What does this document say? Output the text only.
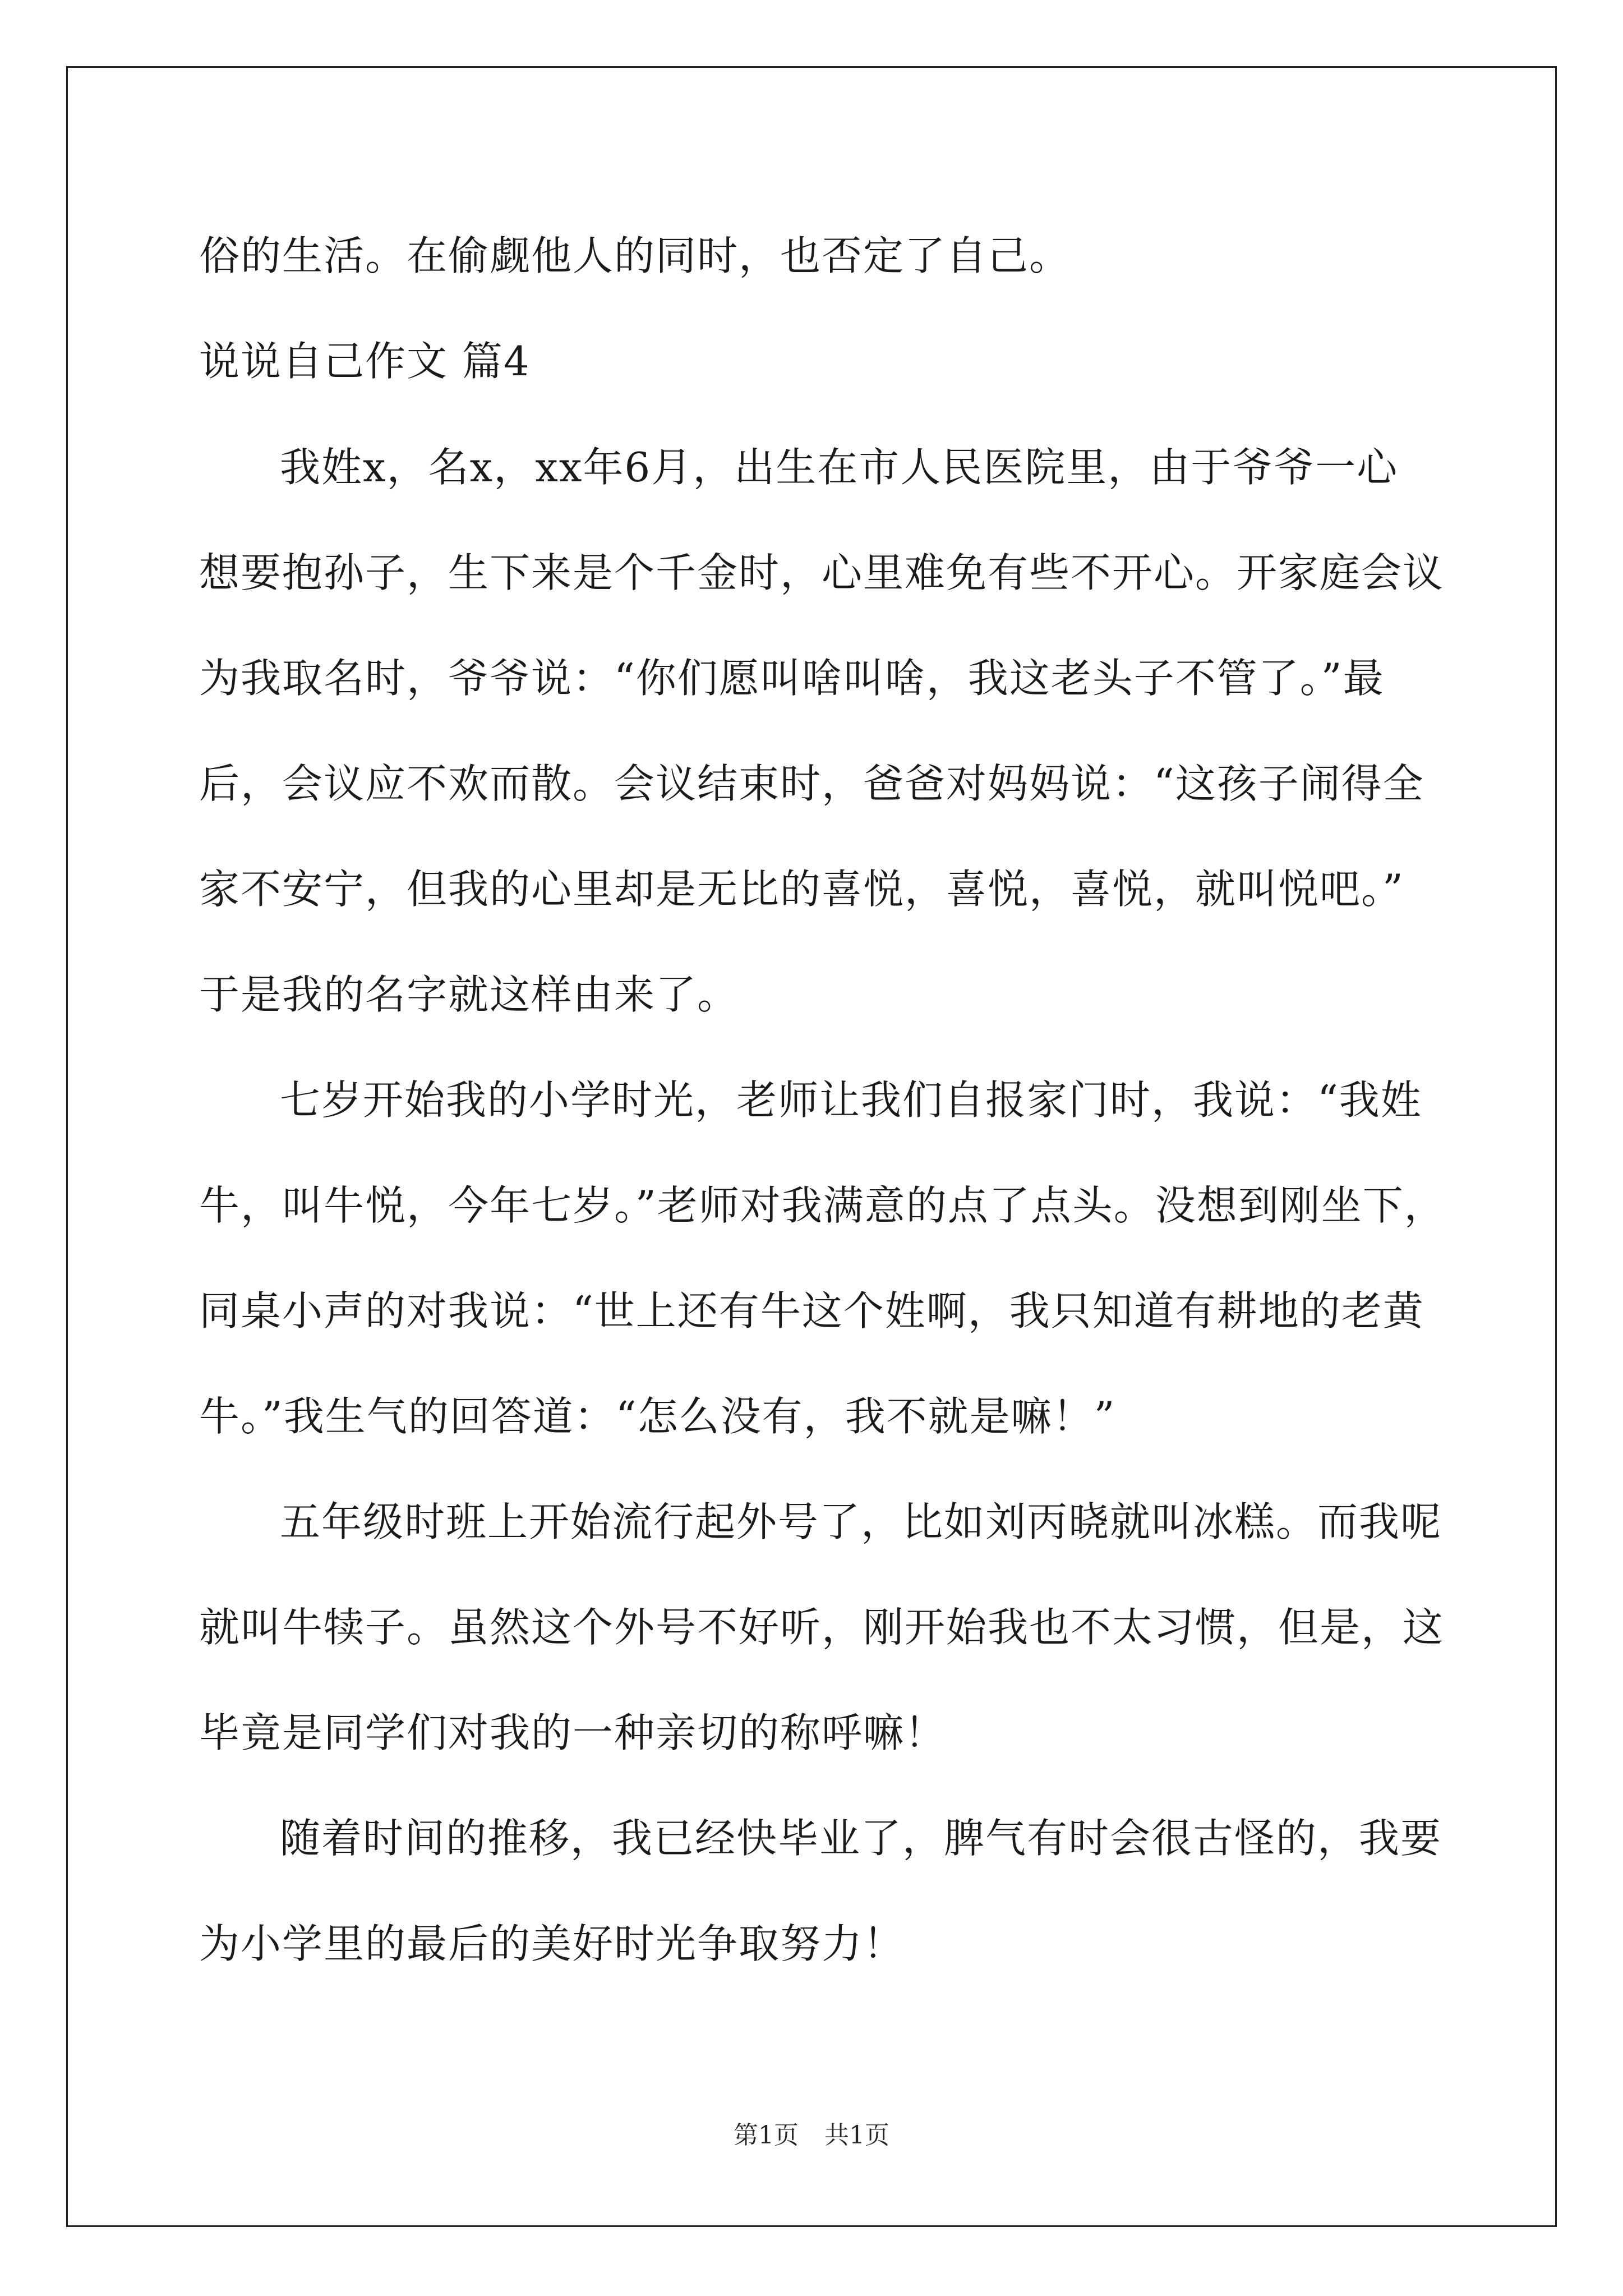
俗的生活。在偷觑他人的同时，也否定了自己。
说说自己作文 篇4
我姓x，名x，xx年6月，出生在市人民医院里，由于爷爷一心
想要抱孙子，生下来是个千金时，心里难免有些不开心。开家庭会议
为我取名时，爷爷说：“你们愿叫啥叫啥，我这老头子不管了。”最
后，会议应不欢而散。会议结束时，爸爸对妈妈说：“这孩子闹得全
家不安宁，但我的心里却是无比的喜悦，喜悦，喜悦，就叫悦吧。”
于是我的名字就这样由来了。
七岁开始我的小学时光，老师让我们自报家门时，我说：“我姓
牛，叫牛悦，今年七岁。”老师对我满意的点了点头。没想到刚坐下，
同桌小声的对我说：“世上还有牛这个姓啊，我只知道有耕地的老黄
牛。”我生气的回答道：“怎么没有，我不就是嘛！”
五年级时班上开始流行起外号了，比如刘丙晓就叫冰糕。而我呢
就叫牛犊子。虽然这个外号不好听，刚开始我也不太习惯，但是，这
毕竟是同学们对我的一种亲切的称呼嘛！
随着时间的推移，我已经快毕业了，脾气有时会很古怪的，我要
为小学里的最后的美好时光争取努力！
第1页 共1页
